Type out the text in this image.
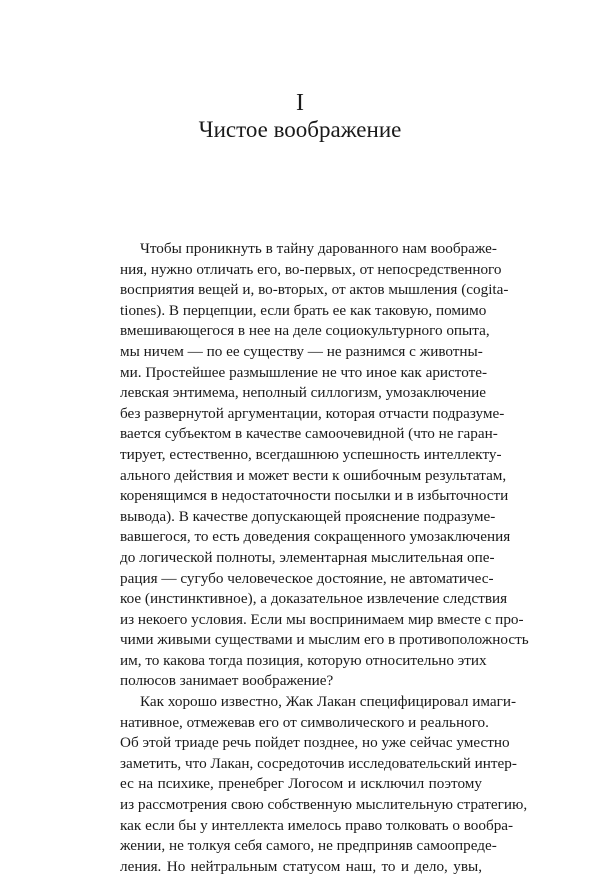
I
Чистое воображение
Чтобы проникнуть в тайну дарованного нам воображе-
ния, нужно отличать его, во-первых, от непосредственного
восприятия вещей и, во-вторых, от актов мышления (cogita-
tiones). В перцепции, если брать ее как таковую, помимо
вмешивающегося в нее на деле социокультурного опыта,
мы ничем — по ее существу — не разнимся с животны-
ми. Простейшее размышление не что иное как аристоте-
левская энтимема, неполный силлогизм, умозаключение
без развернутой аргументации, которая отчасти подразуме-
вается субъектом в качестве самоочевидной (что не гаран-
тирует, естественно, всегдашнюю успешность интеллекту-
ального действия и может вести к ошибочным результатам,
коренящимся в недостаточности посылки и в избыточности
вывода). В качестве допускающей прояснение подразуме-
вавшегося, то есть доведения сокращенного умозаключения
до логической полноты, элементарная мыслительная опе-
рация — сугубо человеческое достояние, не автоматичес-
кое (инстинктивное), а доказательное извлечение следствия
из некоего условия. Если мы воспринимаем мир вместе с про-
чими живыми существами и мыслим его в противоположность
им, то какова тогда позиция, которую относительно этих
полюсов занимает воображение?
Как хорошо известно, Жак Лакан специфицировал имаги-
нативное, отмежевав его от символического и реального.
Об этой триаде речь пойдет позднее, но уже сейчас уместно
заметить, что Лакан, сосредоточив исследовательский интер-
ес на психике, пренебрег Логосом и исключил поэтому
из рассмотрения свою собственную мыслительную стратегию,
как если бы у интеллекта имелось право толковать о вообра-
жении, не толкуя себя самого, не предприняв самоопреде-
ления. Но нейтральным статусом наш, то и дело, увы,
